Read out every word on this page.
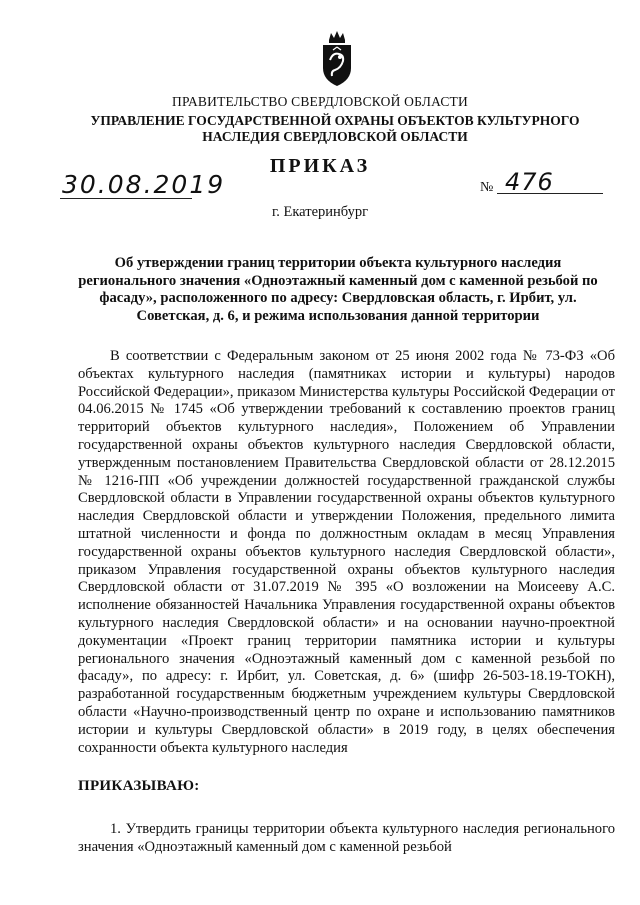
ПРАВИТЕЛЬСТВО СВЕРДЛОВСКОЙ ОБЛАСТИ
УПРАВЛЕНИЕ ГОСУДАРСТВЕННОЙ ОХРАНЫ ОБЪЕКТОВ КУЛЬТУРНОГО НАСЛЕДИЯ СВЕРДЛОВСКОЙ ОБЛАСТИ
ПРИКАЗ
30.08.2019	№ 476
г. Екатеринбург
Об утверждении границ территории объекта культурного наследия регионального значения «Одноэтажный каменный дом с каменной резьбой по фасаду», расположенного по адресу: Свердловская область, г. Ирбит, ул. Советская, д. 6, и режима использования данной территории
В соответствии с Федеральным законом от 25 июня 2002 года № 73-ФЗ «Об объектах культурного наследия (памятниках истории и культуры) народов Российской Федерации», приказом Министерства культуры Российской Федерации от 04.06.2015 № 1745 «Об утверждении требований к составлению проектов границ территорий объектов культурного наследия», Положением об Управлении государственной охраны объектов культурного наследия Свердловской области, утвержденным постановлением Правительства Свердловской области от 28.12.2015 № 1216-ПП «Об учреждении должностей государственной гражданской службы Свердловской области в Управлении государственной охраны объектов культурного наследия Свердловской области и утверждении Положения, предельного лимита штатной численности и фонда по должностным окладам в месяц Управления государственной охраны объектов культурного наследия Свердловской области», приказом Управления государственной охраны объектов культурного наследия Свердловской области от 31.07.2019 № 395 «О возложении на Моисееву А.С. исполнение обязанностей Начальника Управления государственной охраны объектов культурного наследия Свердловской области» и на основании научно-проектной документации «Проект границ территории памятника истории и культуры регионального значения «Одноэтажный каменный дом с каменной резьбой по фасаду», по адресу: г. Ирбит, ул. Советская, д. 6» (шифр 26-503-18.19-ТОКН), разработанной государственным бюджетным учреждением культуры Свердловской области «Научно-производственный центр по охране и использованию памятников истории и культуры Свердловской области» в 2019 году, в целях обеспечения сохранности объекта культурного наследия
ПРИКАЗЫВАЮ:
1. Утвердить границы территории объекта культурного наследия регионального значения «Одноэтажный каменный дом с каменной резьбой
